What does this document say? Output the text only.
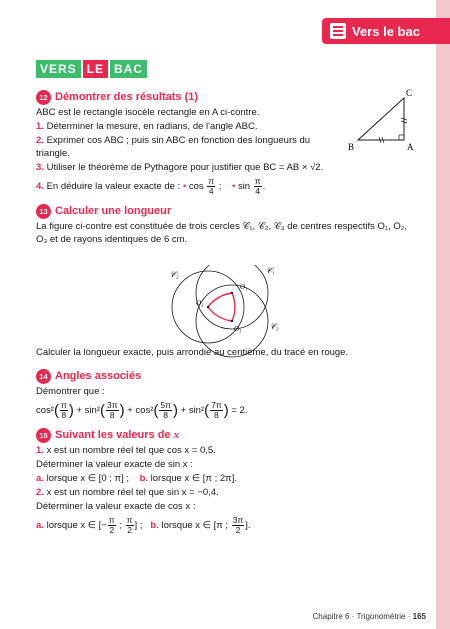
Vers le bac
VERS LE BAC
B	A
C
12 Démontrer des résultats (1)

ABC est le rectangle isocèle rectangle en A ci-contre.

1. Déterminer la mesure, en radians, de l'angle ABC.

2. Exprimer cos ABC ; puis sin ABC en fonction des longueurs du triangle.

3. Utiliser le théorème de Pythagore pour justifier que BC = AB × √2.

4. En déduire la valeur exacte de : • $\cos \frac{\pi}{4}$ ;    • $\sin \frac{\pi}{4}$ .

13 Calculer une longueur

La figure ci-contre est constituée de trois cercles 𝒞₁, 𝒞₂, 𝒞₃ de centres respectifs O₁, O₂, O₃ et de rayons identiques de 6 cm.

Calculer la longueur exacte, puis arrondie au centième, du tracé en rouge.

14 Angles associés

Démontrer que :

$\cos^2( \frac{\pi}{8}$ ) + $\sin^2( \frac{3\pi}{8}$ ) + $\cos^2( \frac{5\pi}{8}$ ) + $\sin^2( \frac{7\pi}{8}$ ) = 2.

15 Suivant les valeurs de x

1. x est un nombre réel tel que cos x = 0,5.

Déterminer la valeur exacte de sin x :

a. lorsque x ∈ [0 ; π] ; b. lorsque x ∈ [π ; 2π].

2. x est un nombre réel tel que sin x = −0,4.

Déterminer la valeur exacte de cos x :

a. lorsque x ∈ [− $\frac{\pi}{2}$ ; $\frac{\pi}{2}$ ] ; b. lorsque x ∈ [π ; $\frac{3\pi}{2}$ ].

O₁
O₂
O₃
𝒞₁
𝒞₂
𝒞₃
Chapitre 6 · Trigonométrie · 165
